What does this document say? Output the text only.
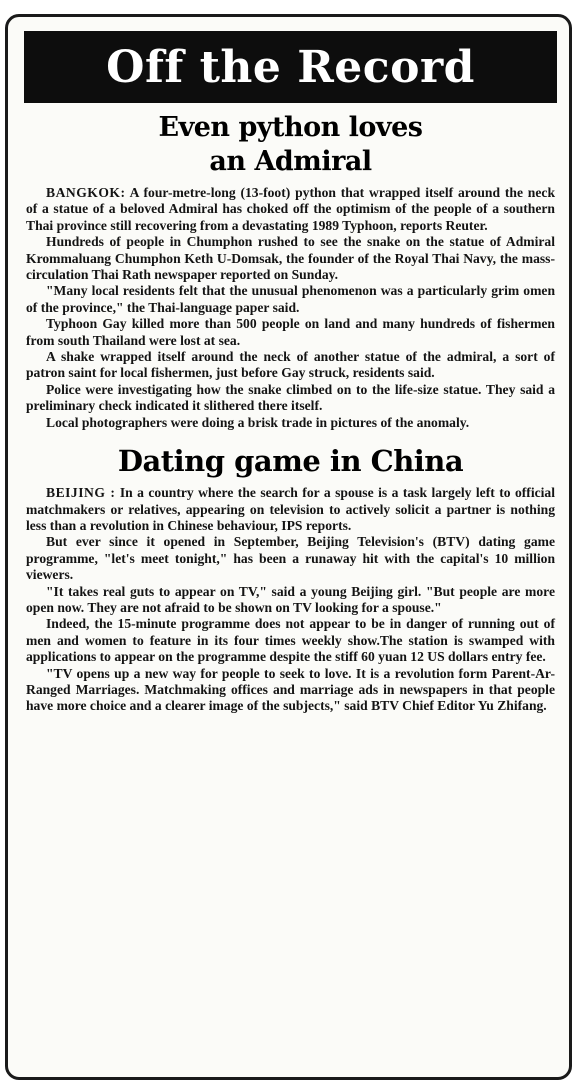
Off the Record
Even python loves
an Admiral

BANGKOK: A four-metre-long (13-foot) python that wrapped itself around the neck of a statue of a beloved Admiral has choked off the optimism of the people of a southern Thai province still recovering from a devastating 1989 Typhoon, reports Reuter.

Hundreds of people in Chumphon rushed to see the snake on the statue of Admiral Krommaluang Chumphon Keth U-Domsak, the founder of the Royal Thai Navy, the mass-circulation Thai Rath newspaper reported on Sunday.

"Many local residents felt that the unusual phenomenon was a particularly grim omen of the province," the Thai-language paper said.

Typhoon Gay killed more than 500 people on land and many hundreds of fishermen from south Thailand were lost at sea.

A shake wrapped itself around the neck of another statue of the admiral, a sort of patron saint for local fishermen, just before Gay struck, residents said.

Police were investigating how the snake climbed on to the life-size statue. They said a preliminary check indicated it slithered there itself.

Local photographers were doing a brisk trade in pictures of the anomaly.

Dating game in China

BEIJING : In a country where the search for a spouse is a task largely left to official matchmakers or relatives, appearing on television to actively solicit a partner is nothing less than a revolution in Chinese behaviour, IPS reports.

But ever since it opened in September, Beijing Television's (BTV) dating game programme, "let's meet tonight," has been a runaway hit with the capital's 10 million viewers.

"It takes real guts to appear on TV," said a young Beijing girl. "But people are more open now. They are not afraid to be shown on TV looking for a spouse."

Indeed, the 15-minute programme does not appear to be in danger of running out of men and women to feature in its four times weekly show.The station is swamped with applications to appear on the programme despite the stiff 60 yuan 12 US dollars entry fee.

"TV opens up a new way for people to seek to love. It is a revolution form Parent-Ar-Ranged Marriages. Matchmaking offices and marriage ads in newspapers in that people have more choice and a clearer image of the subjects," said BTV Chief Editor Yu Zhifang.
